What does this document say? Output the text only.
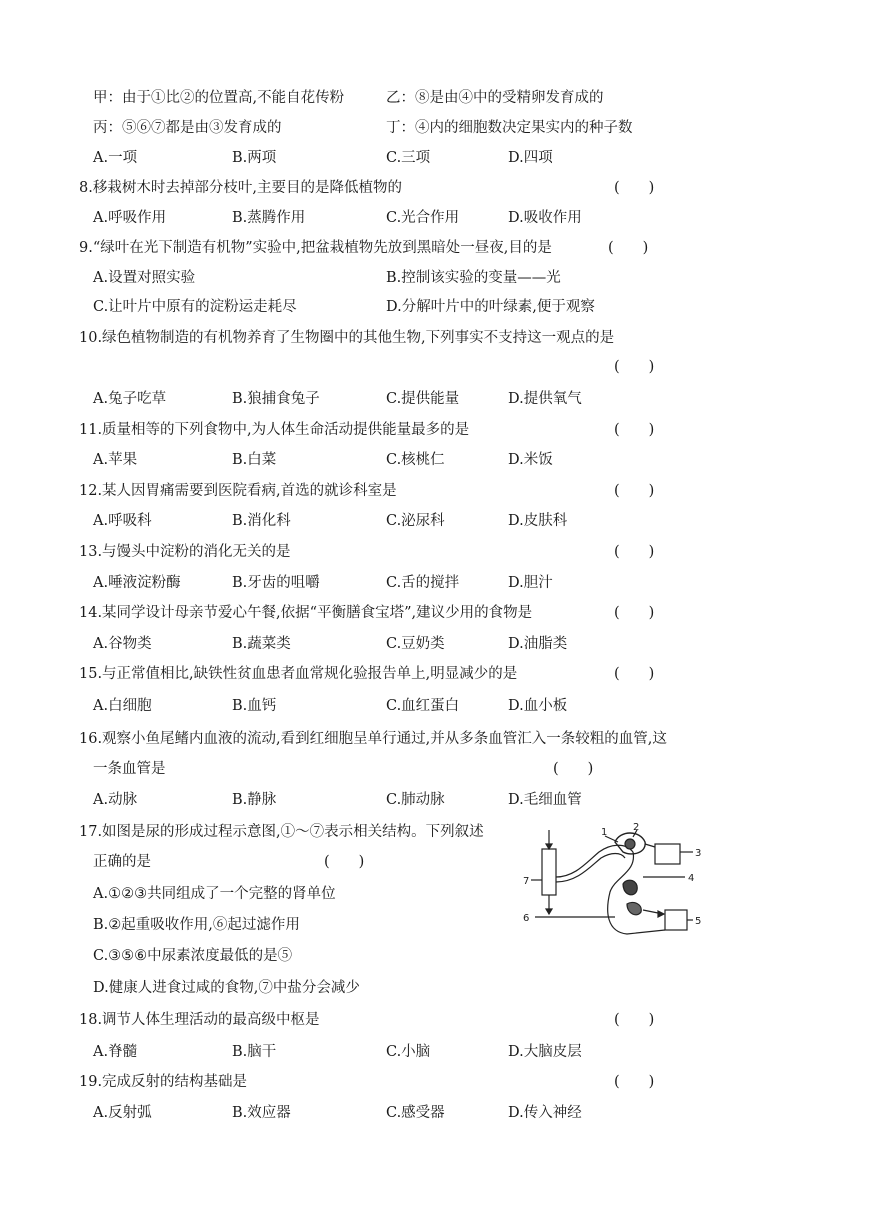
甲：由于①比②的位置高,不能自花传粉	乙：⑧是由④中的受精卵发育成的
丙：⑤⑥⑦都是由③发育成的	丁：④内的细胞数决定果实内的种子数
A.一项	B.两项	C.三项	D.四项
8.移栽树木时去掉部分枝叶,主要目的是降低植物的	(　　)
A.呼吸作用	B.蒸腾作用	C.光合作用	D.吸收作用
9.“绿叶在光下制造有机物”实验中,把盆栽植物先放到黑暗处一昼夜,目的是	(　　)
A.设置对照实验	B.控制该实验的变量——光
C.让叶片中原有的淀粉运走耗尽	D.分解叶片中的叶绿素,便于观察
10.绿色植物制造的有机物养育了生物圈中的其他生物,下列事实不支持这一观点的是
(　　)
A.兔子吃草	B.狼捕食兔子	C.提供能量	D.提供氧气
11.质量相等的下列食物中,为人体生命活动提供能量最多的是	(　　)
A.苹果	B.白菜	C.核桃仁	D.米饭
12.某人因胃痛需要到医院看病,首选的就诊科室是	(　　)
A.呼吸科	B.消化科	C.泌尿科	D.皮肤科
13.与馒头中淀粉的消化无关的是	(　　)
A.唾液淀粉酶	B.牙齿的咀嚼	C.舌的搅拌	D.胆汁
14.某同学设计母亲节爱心午餐,依据“平衡膳食宝塔”,建议少用的食物是	(　　)
A.谷物类	B.蔬菜类	C.豆奶类	D.油脂类
15.与正常值相比,缺铁性贫血患者血常规化验报告单上,明显减少的是	(　　)
A.白细胞	B.血钙	C.血红蛋白	D.血小板
16.观察小鱼尾鳍内血液的流动,看到红细胞呈单行通过,并从多条血管汇入一条较粗的血管,这
一条血管是	(　　)
A.动脉	B.静脉	C.肺动脉	D.毛细血管
17.如图是尿的形成过程示意图,①～⑦表示相关结构。下列叙述
正确的是	(　　)
A.①②③共同组成了一个完整的肾单位
B.②起重吸收作用,⑥起过滤作用
C.③⑤⑥中尿素浓度最低的是⑤
D.健康人进食过咸的食物,⑦中盐分会减少
1	2
3
4
5
6
7
18.调节人体生理活动的最高级中枢是	(　　)
A.脊髓	B.脑干	C.小脑	D.大脑皮层
19.完成反射的结构基础是	(　　)
A.反射弧	B.效应器	C.感受器	D.传入神经
